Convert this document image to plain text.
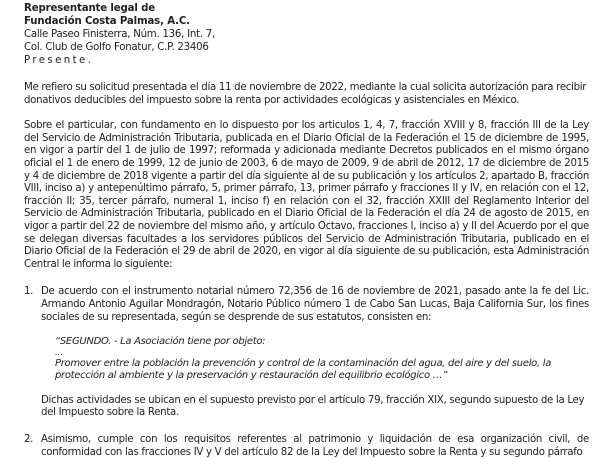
Representante legal de
Fundación Costa Palmas, A.C.
Calle Paseo Finisterra, Núm. 136, Int. 7,
Col. Club de Golfo Fonatur, C.P. 23406
Presente.

Me refiero su solicitud presentada el día 11 de noviembre de 2022, mediante la cual solicita autorización para recibir donativos deducibles del impuesto sobre la renta por actividades ecológicas y asistenciales en México.

Sobre el particular, con fundamento en lo dispuesto por los articulos 1, 4, 7, fracción XVIII y 8, fracción III de la Ley del Servicio de Administración Tributaria, publicada en el Diario Oficial de la Federación el 15 de diciembre de 1995, en vigor a partir del 1 de julio de 1997; reformada y adicionada mediante Decretos publicados en el mismo órgano oficial el 1 de enero de 1999, 12 de junio de 2003, 6 de mayo de 2009, 9 de abril de 2012, 17 de diciembre de 2015 y 4 de diciembre de 2018 vigente a partir del día siguiente al de su publicación y los artículos 2, apartado B, fracción VIII, inciso a) y antepenúltimo párrafo, 5, primer párrafo, 13, primer párrafo y fracciones II y IV, en relación con el 12, fracción II; 35, tercer párrafo, numeral 1, inciso f) en relación con el 32, fracción XXIII del Reglamento Interior del Servicio de Administración Tributaria, publicado en el Diario Oficial de la Federación el día 24 de agosto de 2015, en vigor a partir del 22 de noviembre del mismo año, y artículo Octavo, fracciones I, inciso a) y II del Acuerdo por el que se delegan diversas facultades a los servidores públicos del Servicio de Administración Tributaria, publicado en el Diario Oficial de la Federación el 29 de abril de 2020, en vigor al día siguiente de su publicación, esta Administración Central le informa lo siguiente:

1. De acuerdo con el instrumento notarial número 72,356 de 16 de noviembre de 2021, pasado ante la fe del Lic. Armando Antonio Aguilar Mondragón, Notario Público número 1 de Cabo San Lucas, Baja California Sur, los fines sociales de su representada, según se desprende de sus estatutos, consisten en:

“SEGUNDO. - La Asociación tiene por objeto:
…
Promover entre la población la prevención y control de la contaminación del agua, del aire y del suelo, la protección al ambiente y la preservación y restauración del equilibrio ecológico …”

Dichas actividades se ubican en el supuesto previsto por el artículo 79, fracción XIX, segundo supuesto de la Ley del Impuesto sobre la Renta.

2. Asimismo, cumple con los requisitos referentes al patrimonio y liquidación de esa organización civil, de conformidad con las fracciones IV y V del artículo 82 de la Ley del Impuesto sobre la Renta y su segundo párrafo
